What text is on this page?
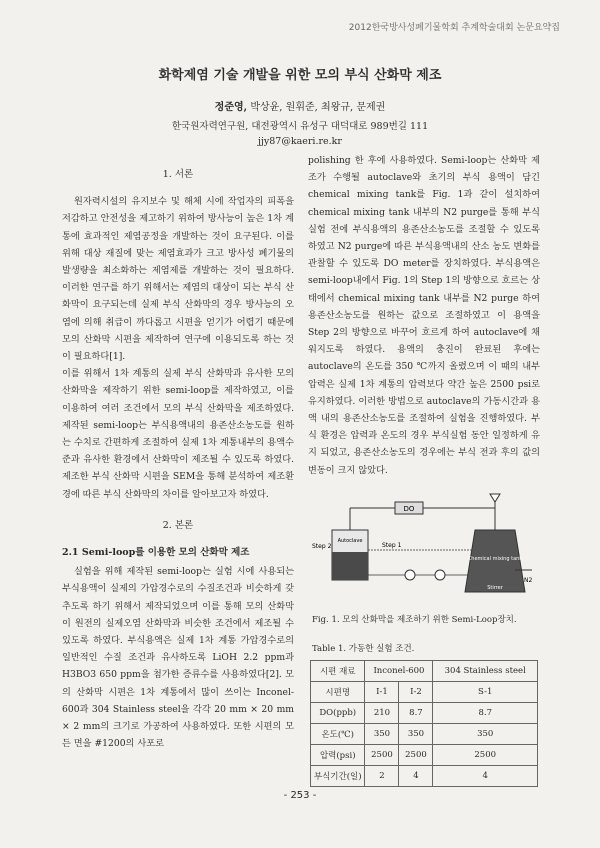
2012한국방사성폐기물학회 추계학술대회 논문요약집
화학제염 기술 개발을 위한 모의 부식 산화막 제조
정준영, 박상윤, 원휘준, 최왕규, 문제권
한국원자력연구원, 대전광역시 유성구 대덕대로 989번길 111
jjy87@kaeri.re.kr
1. 서론

원자력시설의 유지보수 및 해체 시에 작업자의 피폭을 저감하고 안전성을 제고하기 위하여 방사능이 높은 1차 계통에 효과적인 제염공정을 개발하는 것이 요구된다. 이를 위해 대상 재질에 맞는 제염효과가 크고 방사성 폐기물의 발생량을 최소화하는 제염제를 개발하는 것이 필요하다. 이러한 연구를 하기 위해서는 제염의 대상이 되는 부식 산화막이 요구되는데 실제 부식 산화막의 경우 방사능의 오염에 의해 취급이 까다롭고 시편을 얻기가 어렵기 때문에 모의 산화막 시편을 제작하여 연구에 이용되도록 하는 것이 필요하다[1].

이를 위해서 1차 계통의 실제 부식 산화막과 유사한 모의 산화막을 제작하기 위한 semi-loop를 제작하였고, 이를 이용하여 여러 조건에서 모의 부식 산화막을 제조하였다. 제작된 semi-loop는 부식용액내의 용존산소농도를 원하는 수치로 간편하게 조절하여 실제 1차 계통내부의 용액수준과 유사한 환경에서 산화막이 제조될 수 있도록 하였다. 제조한 부식 산화막 시편을 SEM을 통해 분석하여 제조환경에 따른 부식 산화막의 차이를 알아보고자 하였다.

2. 본론
2.1 Semi-loop를 이용한 모의 산화막 제조

실험을 위해 제작된 semi-loop는 실험 시에 사용되는 부식용액이 실제의 가압경수로의 수질조건과 비슷하게 갖추도록 하기 위해서 제작되었으며 이를 통해 모의 산화막이 원전의 실제오염 산화막과 비슷한 조건에서 제조될 수 있도록 하였다. 부식용액은 실제 1차 계통 가압경수로의 일반적인 수질 조건과 유사하도록 LiOH 2.2 ppm과 H3BO3 650 ppm을 첨가한 증류수를 사용하였다[2]. 모의 산화막 시편은 1차 계통에서 많이 쓰이는 Inconel-600과 304 Stainless steel을 각각 20 mm × 20 mm × 2 mm의 크기로 가공하여 사용하였다. 또한 시편의 모든 면을 #1200의 사포로

polishing 한 후에 사용하였다. Semi-loop는 산화막 제조가 수행될 autoclave와 초기의 부식 용액이 담긴 chemical mixing tank를 Fig. 1과 같이 설치하여 chemical mixing tank 내부의 N2 purge를 통해 부식실험 전에 부식용액의 용존산소농도를 조절할 수 있도록 하였고 N2 purge에 따른 부식용액내의 산소 농도 변화를 관찰할 수 있도록 DO meter를 장치하였다. 부식용액은 semi-loop내에서 Fig. 1의 Step 1의 방향으로 흐르는 상태에서 chemical mixing tank 내부를 N2 purge 하여 용존산소농도를 원하는 값으로 조절하였고 이 용액을 Step 2의 방향으로 바꾸어 흐르게 하여 autoclave에 채워지도록 하였다. 용액의 충진이 완료된 후에는 autoclave의 온도를 350 ℃까지 올렸으며 이 때의 내부 압력은 실제 1차 계통의 압력보다 약간 높은 2500 psi로 유지하였다. 이러한 방법으로 autoclave의 가동시간과 용액 내의 용존산소농도를 조절하여 실험을 진행하였다. 부식 환경은 압력과 온도의 경우 부식실험 동안 일정하게 유지 되었고, 용존산소농도의 경우에는 부식 전과 후의 값의 변동이 크지 않았다.

DO
Autoclave
Step 2	Step 1
Chemical mixing tank
Stirrer
N2
Fig. 1. 모의 산화막을 제조하기 위한 Semi-Loop장치.
Table 1. 가동한 실험 조건.
시편 재료	Inconel-600		304 Stainless steel
시편명	I-1	I-2	S-1
DO(ppb)	210	8.7	8.7
온도(℃)	350	350	350
압력(psi)	2500	2500	2500
부식기간(일)	2	4	4
- 253 -
